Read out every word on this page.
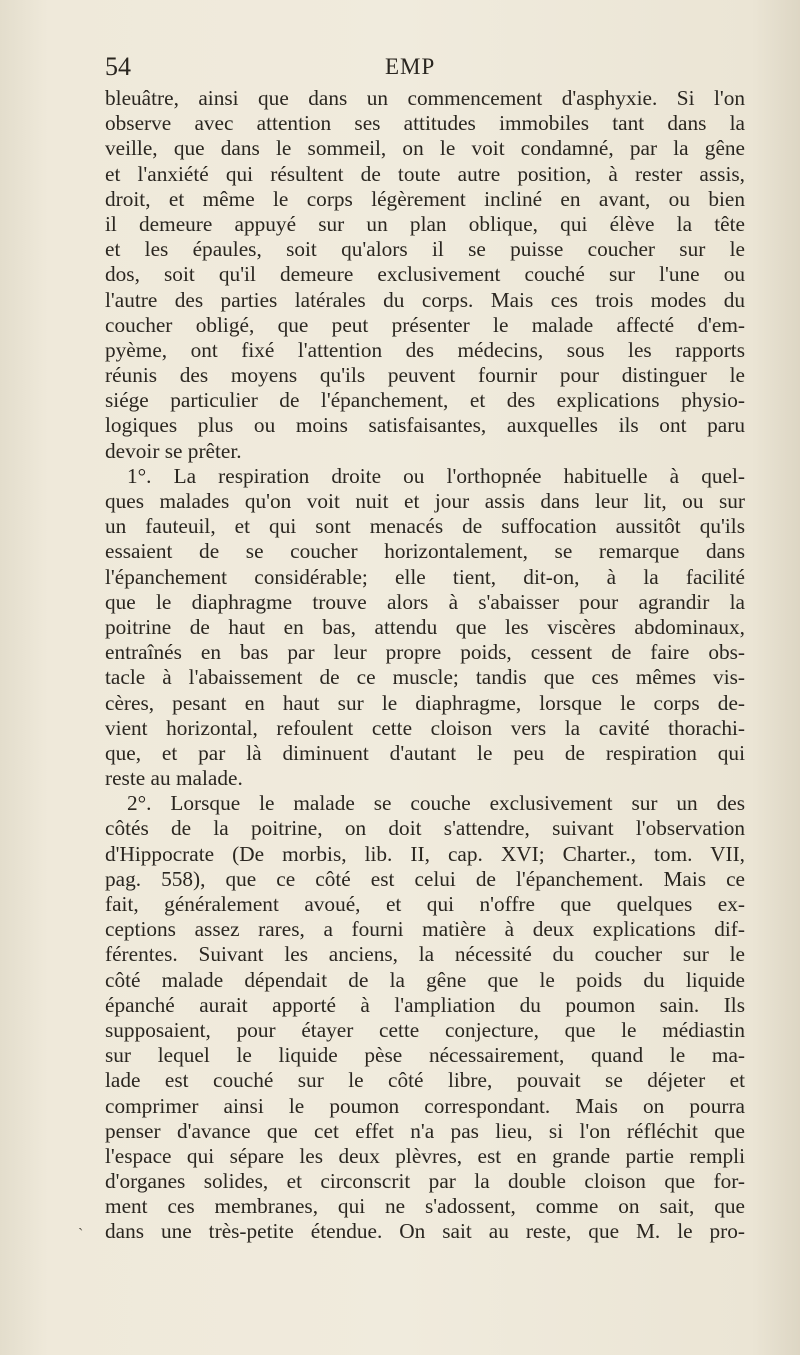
54	EMP
bleuâtre, ainsi que dans un commencement d'asphyxie. Si l'on
observe avec attention ses attitudes immobiles tant dans la
veille, que dans le sommeil, on le voit condamné, par la gêne
et l'anxiété qui résultent de toute autre position, à rester assis,
droit, et même le corps légèrement incliné en avant, ou bien
il demeure appuyé sur un plan oblique, qui élève la tête
et les épaules, soit qu'alors il se puisse coucher sur le
dos, soit qu'il demeure exclusivement couché sur l'une ou
l'autre des parties latérales du corps. Mais ces trois modes du
coucher obligé, que peut présenter le malade affecté d'em-
pyème, ont fixé l'attention des médecins, sous les rapports
réunis des moyens qu'ils peuvent fournir pour distinguer le
siége particulier de l'épanchement, et des explications physio-
logiques plus ou moins satisfaisantes, auxquelles ils ont paru
devoir se prêter.
1°. La respiration droite ou l'orthopnée habituelle à quel-
ques malades qu'on voit nuit et jour assis dans leur lit, ou sur
un fauteuil, et qui sont menacés de suffocation aussitôt qu'ils
essaient de se coucher horizontalement, se remarque dans
l'épanchement considérable; elle tient, dit-on, à la facilité
que le diaphragme trouve alors à s'abaisser pour agrandir la
poitrine de haut en bas, attendu que les viscères abdominaux,
entraînés en bas par leur propre poids, cessent de faire obs-
tacle à l'abaissement de ce muscle; tandis que ces mêmes vis-
cères, pesant en haut sur le diaphragme, lorsque le corps de-
vient horizontal, refoulent cette cloison vers la cavité thorachi-
que, et par là diminuent d'autant le peu de respiration qui
reste au malade.
2°. Lorsque le malade se couche exclusivement sur un des
côtés de la poitrine, on doit s'attendre, suivant l'observation
d'Hippocrate (De morbis, lib. II, cap. XVI; Charter., tom. VII,
pag. 558), que ce côté est celui de l'épanchement. Mais ce
fait, généralement avoué, et qui n'offre que quelques ex-
ceptions assez rares, a fourni matière à deux explications dif-
férentes. Suivant les anciens, la nécessité du coucher sur le
côté malade dépendait de la gêne que le poids du liquide
épanché aurait apporté à l'ampliation du poumon sain. Ils
supposaient, pour étayer cette conjecture, que le médiastin
sur lequel le liquide pèse nécessairement, quand le ma-
lade est couché sur le côté libre, pouvait se déjeter et
comprimer ainsi le poumon correspondant. Mais on pourra
penser d'avance que cet effet n'a pas lieu, si l'on réfléchit que
l'espace qui sépare les deux plèvres, est en grande partie rempli
d'organes solides, et circonscrit par la double cloison que for-
ment ces membranes, qui ne s'adossent, comme on sait, que
dans une très-petite étendue. On sait au reste, que M. le pro-
ˏ
